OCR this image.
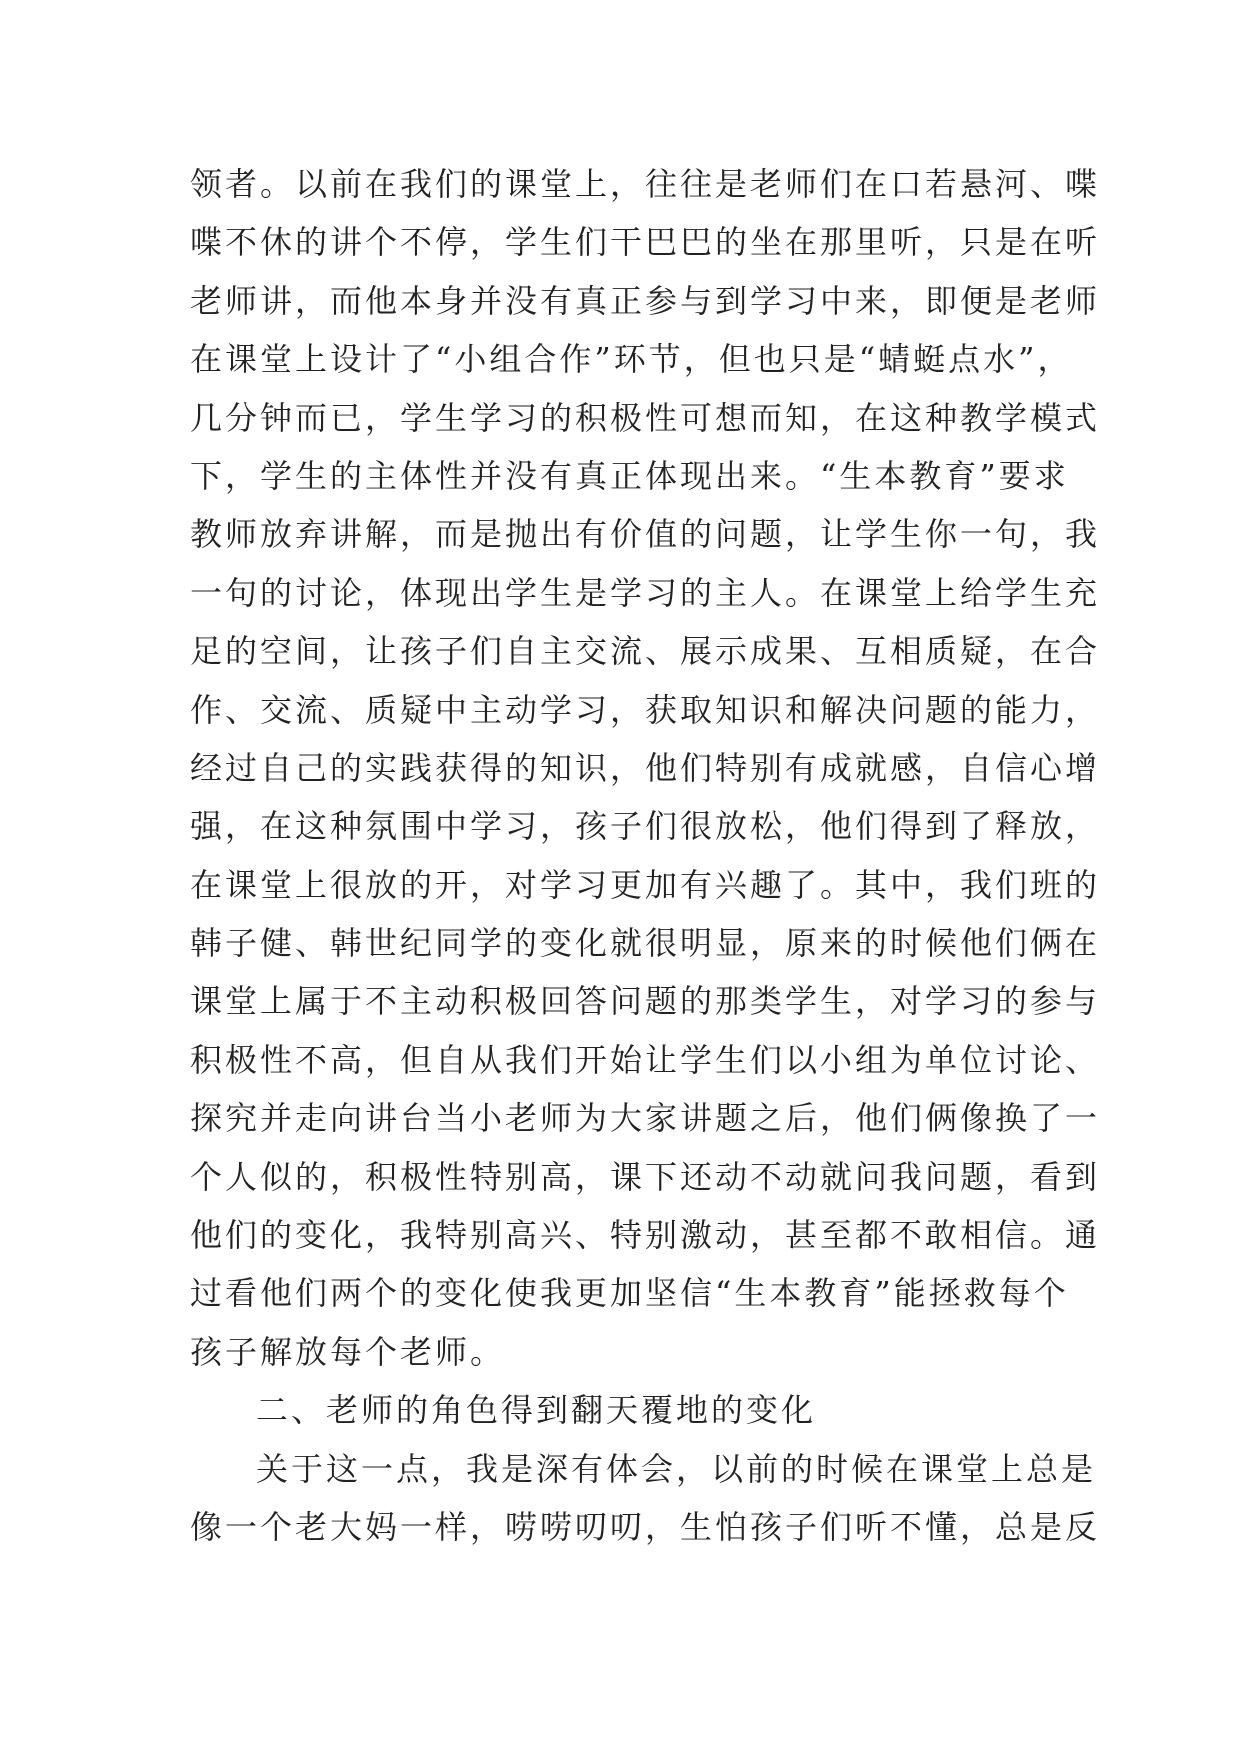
领者。以前在我们的课堂上，往往是老师们在口若悬河、喋
喋不休的讲个不停，学生们干巴巴的坐在那里听，只是在听
老师讲，而他本身并没有真正参与到学习中来，即便是老师
在课堂上设计了“小组合作”环节，但也只是“蜻蜓点水”，
几分钟而已，学生学习的积极性可想而知，在这种教学模式
下，学生的主体性并没有真正体现出来。“生本教育”要求
教师放弃讲解，而是抛出有价值的问题，让学生你一句，我
一句的讨论，体现出学生是学习的主人。在课堂上给学生充
足的空间，让孩子们自主交流、展示成果、互相质疑，在合
作、交流、质疑中主动学习，获取知识和解决问题的能力，
经过自己的实践获得的知识，他们特别有成就感，自信心增
强，在这种氛围中学习，孩子们很放松，他们得到了释放，
在课堂上很放的开，对学习更加有兴趣了。其中，我们班的
韩子健、韩世纪同学的变化就很明显，原来的时候他们俩在
课堂上属于不主动积极回答问题的那类学生，对学习的参与
积极性不高，但自从我们开始让学生们以小组为单位讨论、
探究并走向讲台当小老师为大家讲题之后，他们俩像换了一
个人似的，积极性特别高，课下还动不动就问我问题，看到
他们的变化，我特别高兴、特别激动，甚至都不敢相信。通
过看他们两个的变化使我更加坚信“生本教育”能拯救每个
孩子解放每个老师。
二、老师的角色得到翻天覆地的变化
关于这一点，我是深有体会，以前的时候在课堂上总是
像一个老大妈一样，唠唠叨叨，生怕孩子们听不懂，总是反
